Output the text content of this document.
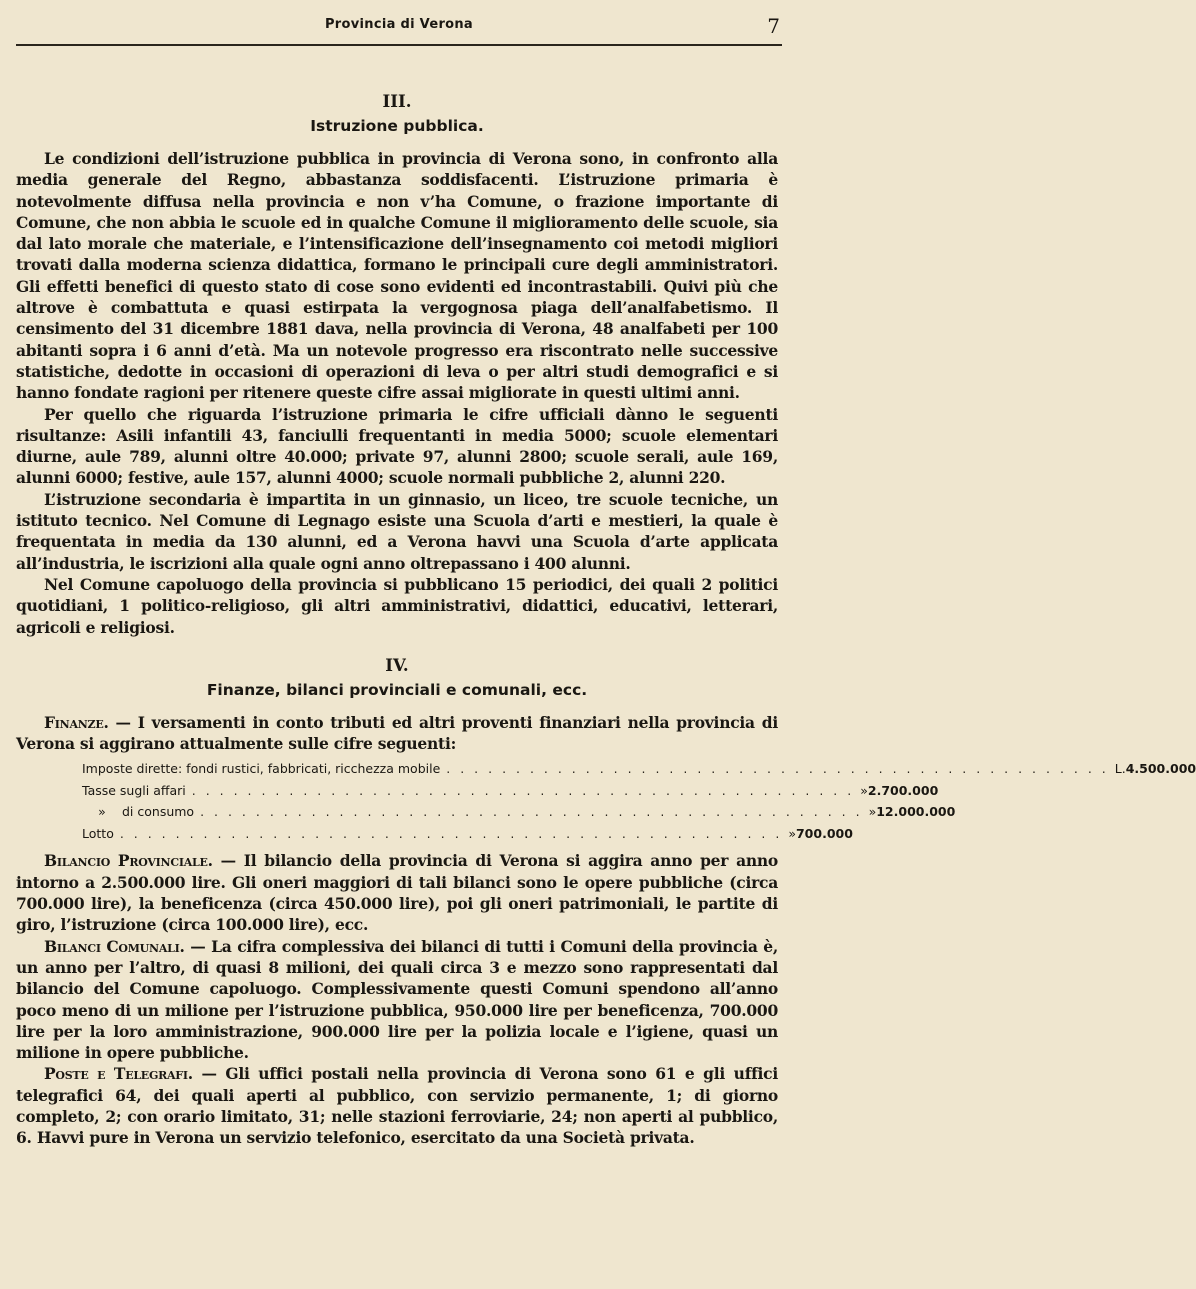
Provincia di Verona	7
III.
Istruzione pubblica.

Le condizioni dell’istruzione pubblica in provincia di Verona sono, in confronto alla media generale del Regno, abbastanza soddisfacenti. L’istruzione primaria è notevolmente diffusa nella provincia e non v’ha Comune, o frazione importante di Comune, che non abbia le scuole ed in qualche Comune il miglioramento delle scuole, sia dal lato morale che materiale, e l’intensificazione dell’insegnamento coi metodi migliori trovati dalla moderna scienza didattica, formano le principali cure degli amministratori. Gli effetti benefici di questo stato di cose sono evidenti ed incontrastabili. Quivi più che altrove è combattuta e quasi estirpata la vergognosa piaga dell’analfabetismo. Il censimento del 31 dicembre 1881 dava, nella provincia di Verona, 48 analfabeti per 100 abitanti sopra i 6 anni d’età. Ma un notevole progresso era riscontrato nelle successive statistiche, dedotte in occasioni di operazioni di leva o per altri studi demografici e si hanno fondate ragioni per ritenere queste cifre assai migliorate in questi ultimi anni.

Per quello che riguarda l’istruzione primaria le cifre ufficiali dànno le seguenti risultanze: Asili infantili 43, fanciulli frequentanti in media 5000; scuole elementari diurne, aule 789, alunni oltre 40.000; private 97, alunni 2800; scuole serali, aule 169, alunni 6000; festive, aule 157, alunni 4000; scuole normali pubbliche 2, alunni 220.

L’istruzione secondaria è impartita in un ginnasio, un liceo, tre scuole tecniche, un istituto tecnico. Nel Comune di Legnago esiste una Scuola d’arti e mestieri, la quale è frequentata in media da 130 alunni, ed a Verona havvi una Scuola d’arte applicata all’industria, le iscrizioni alla quale ogni anno oltrepassano i 400 alunni.

Nel Comune capoluogo della provincia si pubblicano 15 periodici, dei quali 2 politici quotidiani, 1 politico-religioso, gli altri amministrativi, didattici, educativi, letterari, agricoli e religiosi.

IV.
Finanze, bilanci provinciali e comunali, ecc.

Finanze. — I versamenti in conto tributi ed altri proventi finanziari nella provincia di Verona si aggirano attualmente sulle cifre seguenti:

Imposte dirette: fondi rustici, fabbricati, ricchezza mobile . . . . . . . . . . . . . . . . . . . . . . . . . . . . . . . . . . . . . . . . . . . . . . . . L. 4.500.000
Tasse sugli affari . . . . . . . . . . . . . . . . . . . . . . . . . . . . . . . . . . . . . . . . . . . . . . . . » 2.700.000
» di consumo . . . . . . . . . . . . . . . . . . . . . . . . . . . . . . . . . . . . . . . . . . . . . . . . » 12.000.000
Lotto . . . . . . . . . . . . . . . . . . . . . . . . . . . . . . . . . . . . . . . . . . . . . . . . » 700.000

Bilancio Provinciale. — Il bilancio della provincia di Verona si aggira anno per anno intorno a 2.500.000 lire. Gli oneri maggiori di tali bilanci sono le opere pubbliche (circa 700.000 lire), la beneficenza (circa 450.000 lire), poi gli oneri patrimoniali, le partite di giro, l’istruzione (circa 100.000 lire), ecc.

Bilanci Comunali. — La cifra complessiva dei bilanci di tutti i Comuni della provincia è, un anno per l’altro, di quasi 8 milioni, dei quali circa 3 e mezzo sono rappresentati dal bilancio del Comune capoluogo. Complessivamente questi Comuni spendono all’anno poco meno di un milione per l’istruzione pubblica, 950.000 lire per beneficenza, 700.000 lire per la loro amministrazione, 900.000 lire per la polizia locale e l’igiene, quasi un milione in opere pubbliche.

Poste e Telegrafi. — Gli uffici postali nella provincia di Verona sono 61 e gli uffici telegrafici 64, dei quali aperti al pubblico, con servizio permanente, 1; di giorno completo, 2; con orario limitato, 31; nelle stazioni ferroviarie, 24; non aperti al pubblico, 6. Havvi pure in Verona un servizio telefonico, esercitato da una Società privata.
